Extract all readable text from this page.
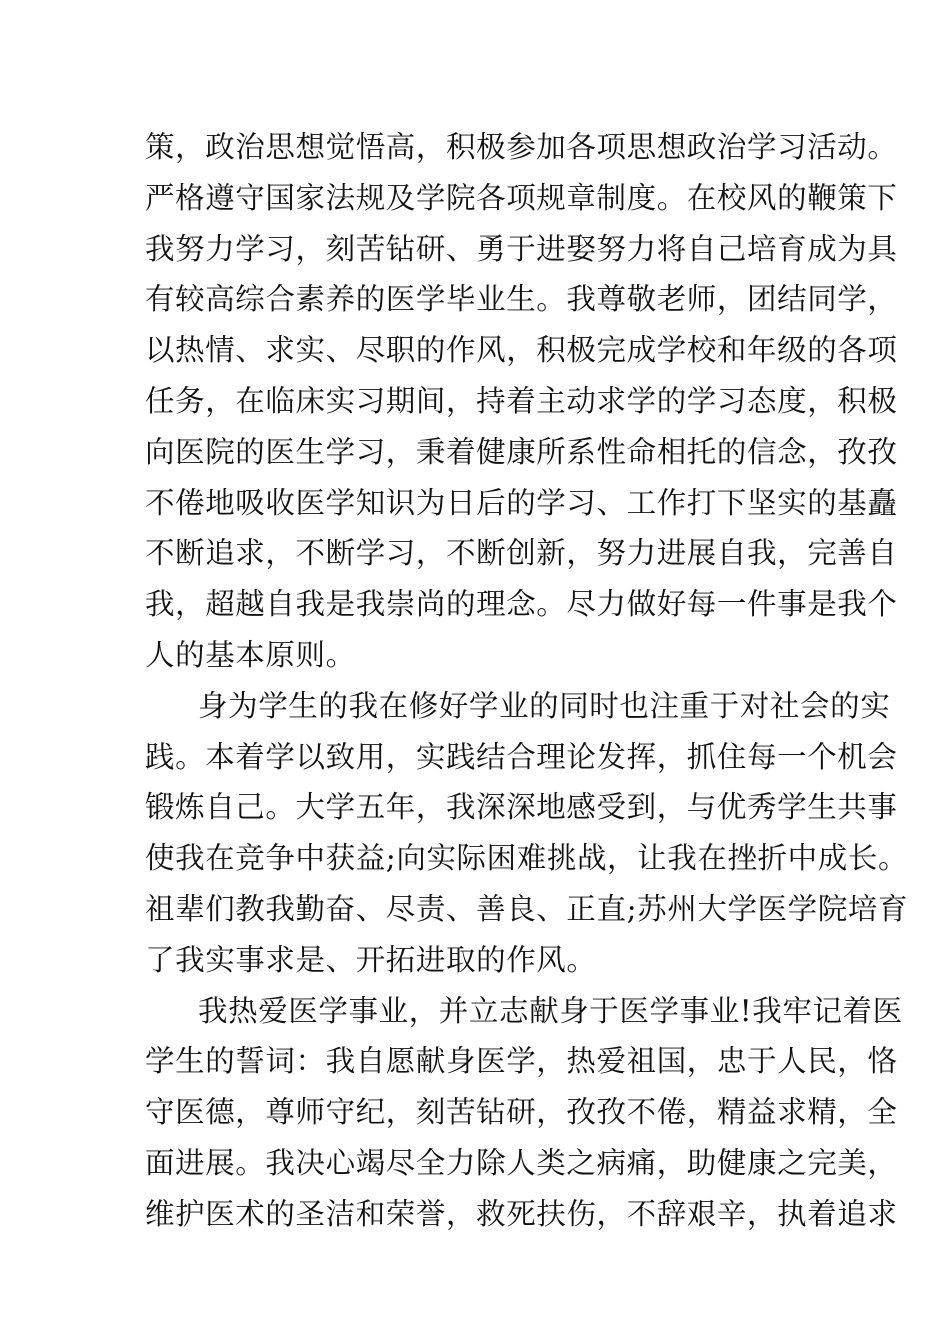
策，政治思想觉悟高，积极参加各项思想政治学习活动。
严格遵守国家法规及学院各项规章制度。在校风的鞭策下
我努力学习，刻苦钻研、勇于进娶努力将自己培育成为具
有较高综合素养的医学毕业生。我尊敬老师，团结同学，
以热情、求实、尽职的作风，积极完成学校和年级的各项
任务，在临床实习期间，持着主动求学的学习态度，积极
向医院的医生学习，秉着健康所系性命相托的信念，孜孜
不倦地吸收医学知识为日后的学习、工作打下坚实的基矗
不断追求，不断学习，不断创新，努力进展自我，完善自
我，超越自我是我崇尚的理念。尽力做好每一件事是我个
人的基本原则。
身为学生的我在修好学业的同时也注重于对社会的实
践。本着学以致用，实践结合理论发挥，抓住每一个机会
锻炼自己。大学五年，我深深地感受到，与优秀学生共事
使我在竞争中获益;向实际困难挑战，让我在挫折中成长。
祖辈们教我勤奋、尽责、善良、正直;苏州大学医学院培育
了我实事求是、开拓进取的作风。
我热爱医学事业，并立志献身于医学事业!我牢记着医
学生的誓词：我自愿献身医学，热爱祖国，忠于人民，恪
守医德，尊师守纪，刻苦钻研，孜孜不倦，精益求精，全
面进展。我决心竭尽全力除人类之病痛，助健康之完美，
维护医术的圣洁和荣誉，救死扶伤，不辞艰辛，执着追求
